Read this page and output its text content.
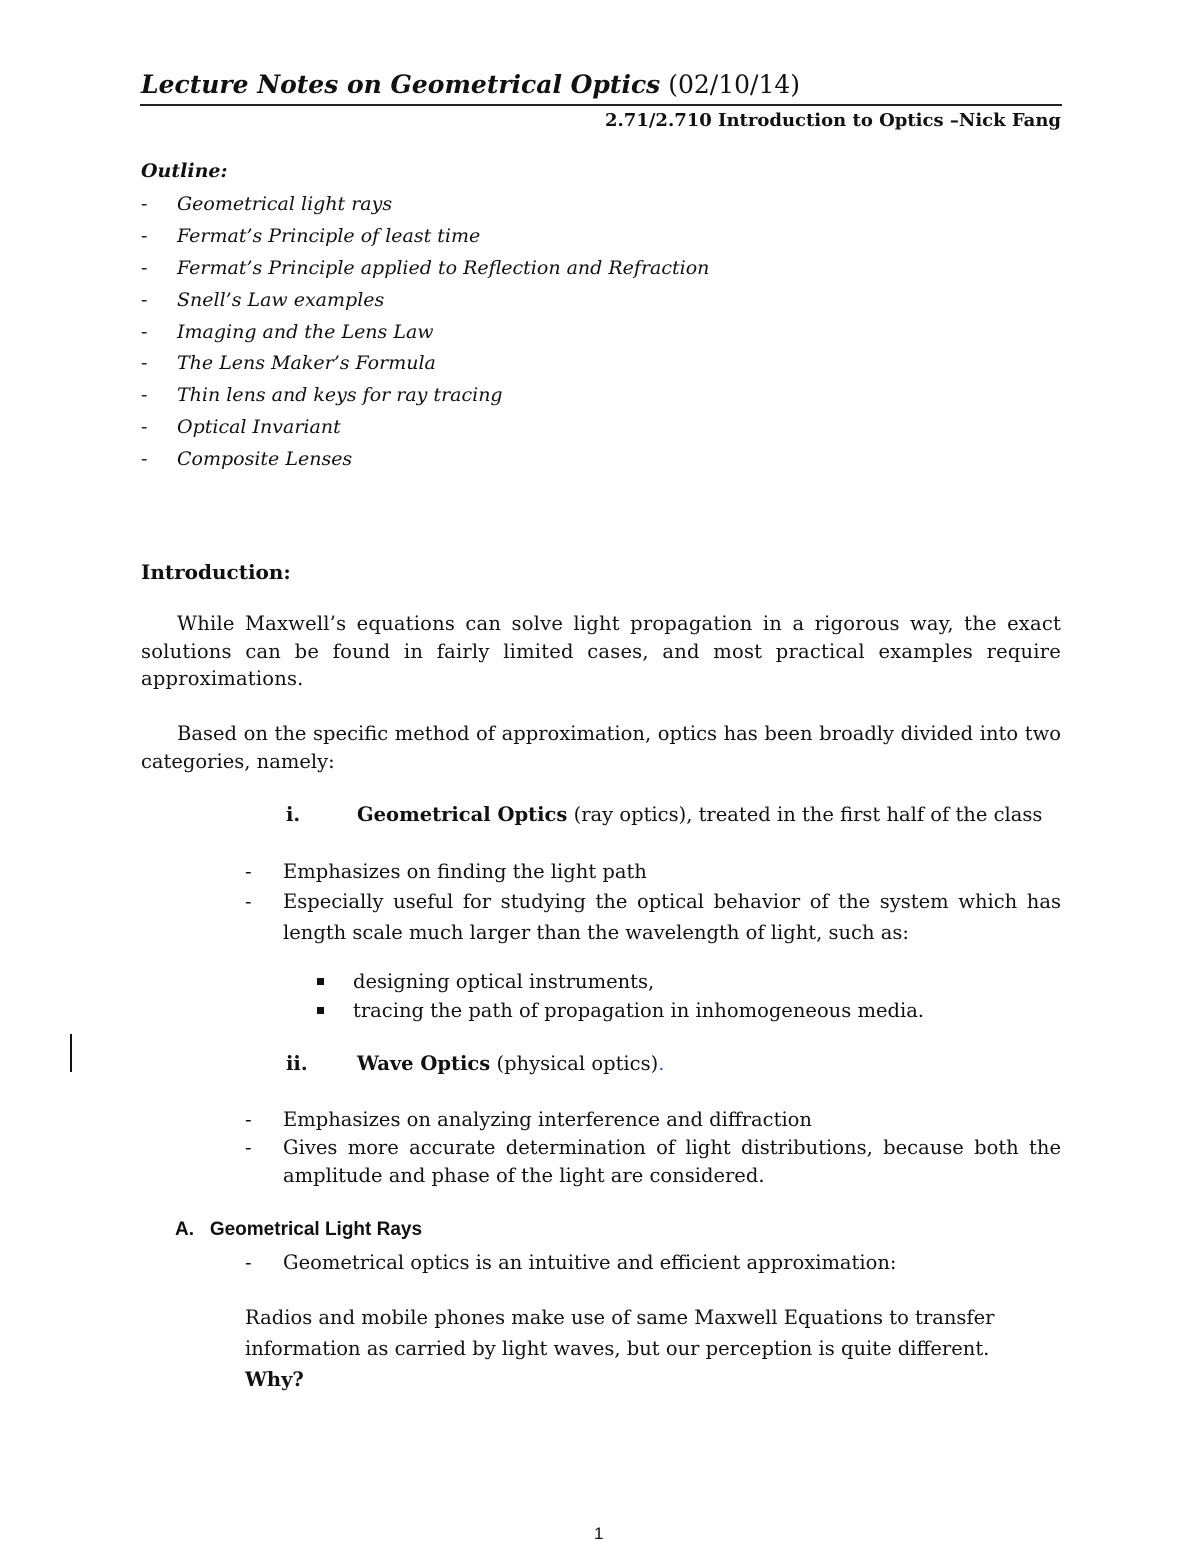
Lecture Notes on Geometrical Optics (02/10/14)
2.71/2.710 Introduction to Optics –Nick Fang
Outline:
- Geometrical light rays
- Fermat’s Principle of least time
- Fermat’s Principle applied to Reflection and Refraction
- Snell’s Law examples
- Imaging and the Lens Law
- The Lens Maker’s Formula
- Thin lens and keys for ray tracing
- Optical Invariant
- Composite Lenses
Introduction:
While Maxwell’s equations can solve light propagation in a rigorous way, the exact solutions can be found in fairly limited cases, and most practical examples require approximations.
Based on the specific method of approximation, optics has been broadly divided into two categories, namely:
i.	Geometrical Optics (ray optics), treated in the first half of the class
- Emphasizes on finding the light path
- Especially useful for studying the optical behavior of the system which has length scale much larger than the wavelength of light, such as:
designing optical instruments,
tracing the path of propagation in inhomogeneous media.
ii.	Wave Optics (physical optics).
- Emphasizes on analyzing interference and diffraction
- Gives more accurate determination of light distributions, because both the amplitude and phase of the light are considered.
A.   Geometrical Light Rays
- Geometrical optics is an intuitive and efficient approximation:
Radios and mobile phones make use of same Maxwell Equations to transfer
information as carried by light waves, but our perception is quite different.
Why?
1
